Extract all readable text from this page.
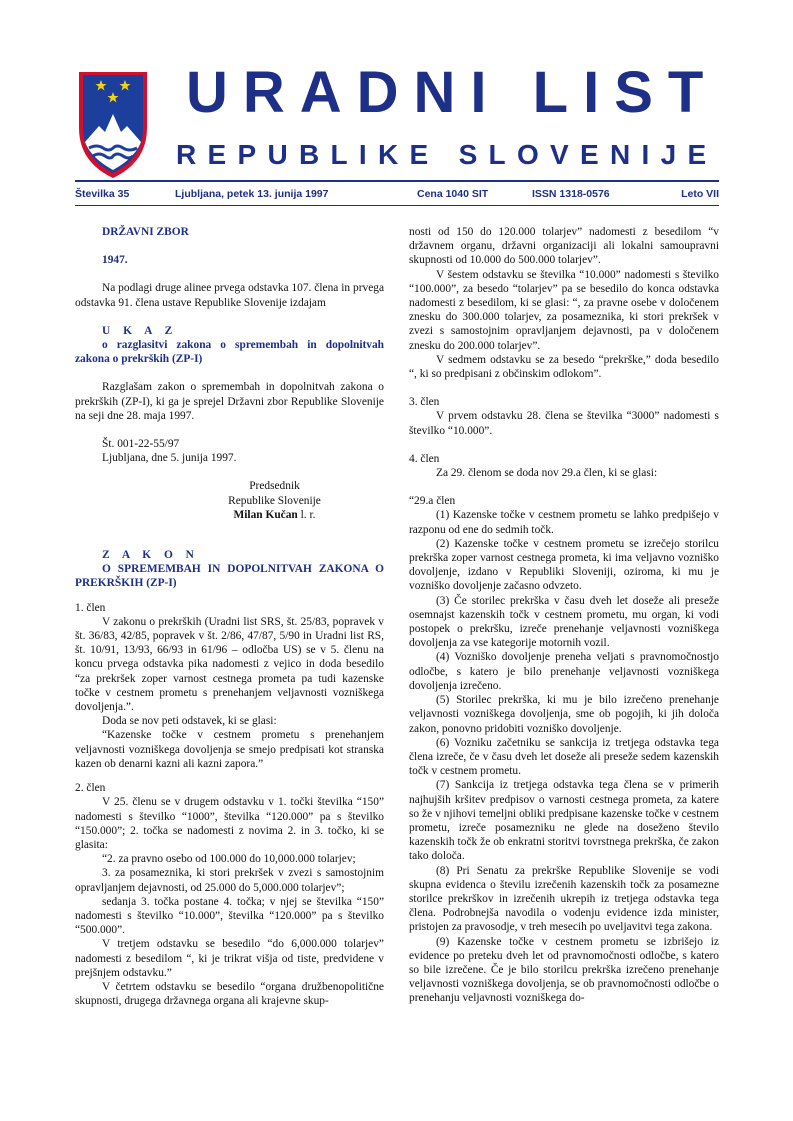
URADNI LIST
REPUBLIKE SLOVENIJE
Številka 35	Ljubljana, petek 13. junija 1997	Cena 1040 SIT	ISSN 1318-0576	Leto VII

DRŽAVNI ZBOR

1947.

Na podlagi druge alinee prvega odstavka 107. člena in prvega odstavka 91. člena ustave Republike Slovenije izdajam

U K A Z

o razglasitvi zakona o spremembah in dopolnitvah zakona o prekrških (ZP-I)

Razglašam zakon o spremembah in dopolnitvah zakona o prekrških (ZP-I), ki ga je sprejel Državni zbor Republike Slovenije na seji dne 28. maja 1997.

Št. 001-22-55/97

Ljubljana, dne 5. junija 1997.

Predsednik
Republike Slovenije
Milan Kučan l. r.

Z A K O N

O SPREMEMBAH IN DOPOLNITVAH ZAKONA O PREKRŠKIH (ZP-I)

1. člen

V zakonu o prekrških (Uradni list SRS, št. 25/83, popravek v št. 36/83, 42/85, popravek v št. 2/86, 47/87, 5/90 in Uradni list RS, št. 10/91, 13/93, 66/93 in 61/96 – odločba US) se v 5. členu na koncu prvega odstavka pika nadomesti z vejico in doda besedilo “za prekršek zoper varnost cestnega prometa pa tudi kazenske točke v cestnem prometu s prenehanjem veljavnosti vozniškega dovoljenja.”.

Doda se nov peti odstavek, ki se glasi:

“Kazenske točke v cestnem prometu s prenehanjem veljavnosti vozniškega dovoljenja se smejo predpisati kot stranska kazen ob denarni kazni ali kazni zapora.”

2. člen

V 25. členu se v drugem odstavku v 1. točki številka “150” nadomesti s številko “1000”, številka “120.000” pa s številko “150.000”; 2. točka se nadomesti z novima 2. in 3. točko, ki se glasita:

“2. za pravno osebo od 100.000 do 10,000.000 tolarjev;

3. za posameznika, ki stori prekršek v zvezi s samostojnim opravljanjem dejavnosti, od 25.000 do 5,000.000 tolarjev”;

sedanja 3. točka postane 4. točka; v njej se številka “150” nadomesti s številko “10.000”, številka “120.000” pa s številko “500.000”.

V tretjem odstavku se besedilo “do 6,000.000 tolarjev” nadomesti z besedilom “, ki je trikrat višja od tiste, predvidene v prejšnjem odstavku.”

V četrtem odstavku se besedilo “organa družbenopolitične skupnosti, drugega državnega organa ali krajevne skup-

nosti od 150 do 120.000 tolarjev” nadomesti z besedilom “v državnem organu, državni organizaciji ali lokalni samoupravni skupnosti od 10.000 do 500.000 tolarjev”.

V šestem odstavku se številka “10.000” nadomesti s številko “100.000”, za besedo “tolarjev” pa se besedilo do konca odstavka nadomesti z besedilom, ki se glasi: “, za pravne osebe v določenem znesku do 300.000 tolarjev, za posameznika, ki stori prekršek v zvezi s samostojnim opravljanjem dejavnosti, pa v določenem znesku do 200.000 tolarjev”.

V sedmem odstavku se za besedo “prekrške,” doda besedilo “, ki so predpisani z občinskim odlokom”.

3. člen

V prvem odstavku 28. člena se številka “3000” nadomesti s številko “10.000”.

4. člen

Za 29. členom se doda nov 29.a člen, ki se glasi:

“29.a člen

(1) Kazenske točke v cestnem prometu se lahko predpišejo v razponu od ene do sedmih točk.

(2) Kazenske točke v cestnem prometu se izrečejo storilcu prekrška zoper varnost cestnega prometa, ki ima veljavno vozniško dovoljenje, izdano v Republiki Sloveniji, oziroma, ki mu je vozniško dovoljenje začasno odvzeto.

(3) Če storilec prekrška v času dveh let doseže ali preseže osemnajst kazenskih točk v cestnem prometu, mu organ, ki vodi postopek o prekršku, izreče prenehanje veljavnosti vozniškega dovoljenja za vse kategorije motornih vozil.

(4) Vozniško dovoljenje preneha veljati s pravnomočnostjo odločbe, s katero je bilo prenehanje veljavnosti vozniškega dovoljenja izrečeno.

(5) Storilec prekrška, ki mu je bilo izrečeno prenehanje veljavnosti vozniškega dovoljenja, sme ob pogojih, ki jih določa zakon, ponovno pridobiti vozniško dovoljenje.

(6) Vozniku začetniku se sankcija iz tretjega odstavka tega člena izreče, če v času dveh let doseže ali preseže sedem kazenskih točk v cestnem prometu.

(7) Sankcija iz tretjega odstavka tega člena se v primerih najhujših kršitev predpisov o varnosti cestnega prometa, za katere so že v njihovi temeljni obliki predpisane kazenske točke v cestnem prometu, izreče posamezniku ne glede na doseženo število kazenskih točk že ob enkratni storitvi tovrstnega prekrška, če zakon tako določa.

(8) Pri Senatu za prekrške Republike Slovenije se vodi skupna evidenca o številu izrečenih kazenskih točk za posamezne storilce prekrškov in izrečenih ukrepih iz tretjega odstavka tega člena. Podrobnejša navodila o vodenju evidence izda minister, pristojen za pravosodje, v treh mesecih po uveljavitvi tega zakona.

(9) Kazenske točke v cestnem prometu se izbrišejo iz evidence po preteku dveh let od pravnomočnosti odločbe, s katero so bile izrečene. Če je bilo storilcu prekrška izrečeno prenehanje veljavnosti vozniškega dovoljenja, se ob pravnomočnosti odločbe o prenehanju veljavnosti vozniškega do-
